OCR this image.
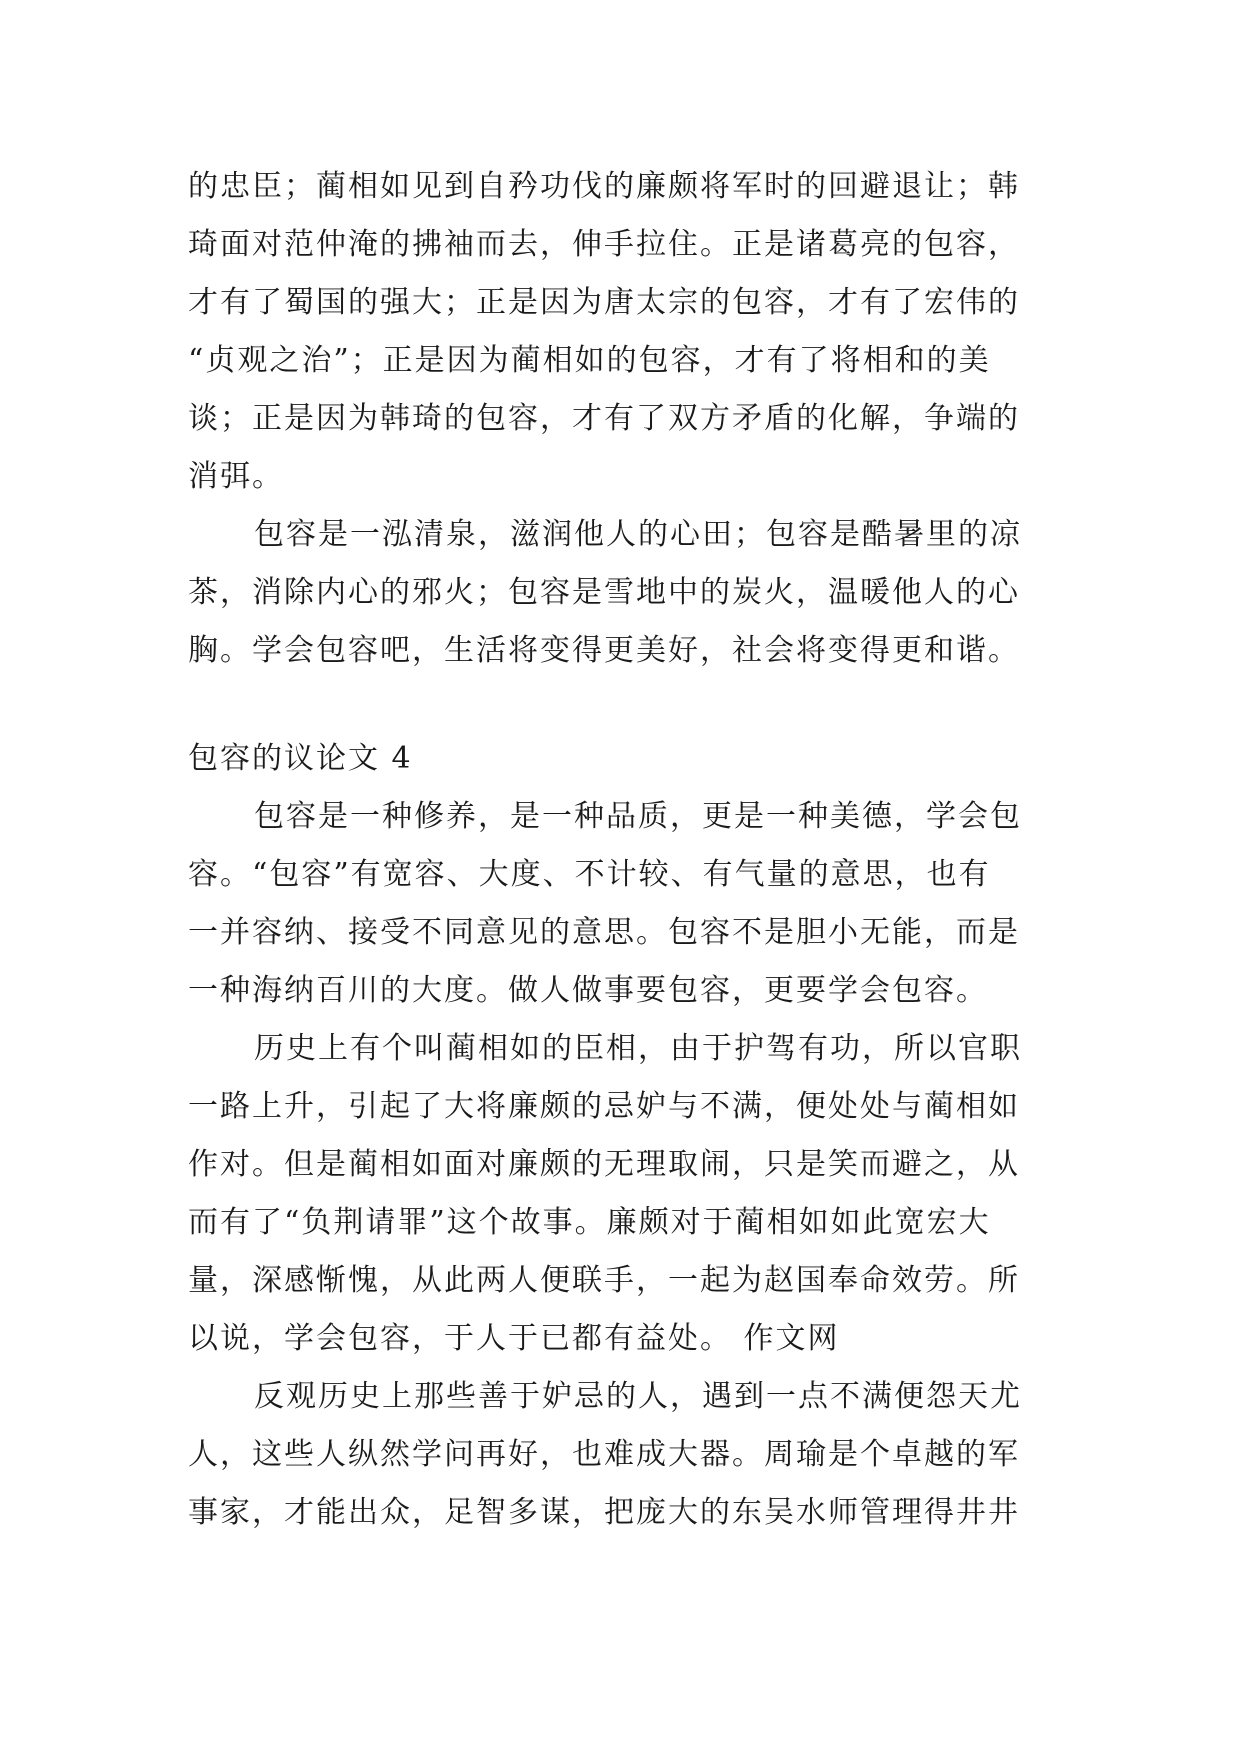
的忠臣；蔺相如见到自矜功伐的廉颇将军时的回避退让；韩
琦面对范仲淹的拂袖而去，伸手拉住。正是诸葛亮的包容，
才有了蜀国的强大；正是因为唐太宗的包容，才有了宏伟的
“贞观之治”；正是因为蔺相如的包容，才有了将相和的美
谈；正是因为韩琦的包容，才有了双方矛盾的化解，争端的
消弭。
包容是一泓清泉，滋润他人的心田；包容是酷暑里的凉
茶，消除内心的邪火；包容是雪地中的炭火，温暖他人的心
胸。学会包容吧，生活将变得更美好，社会将变得更和谐。
包容的议论文 4
包容是一种修养，是一种品质，更是一种美德，学会包
容。“包容”有宽容、大度、不计较、有气量的意思，也有
一并容纳、接受不同意见的意思。包容不是胆小无能，而是
一种海纳百川的大度。做人做事要包容，更要学会包容。
历史上有个叫蔺相如的臣相，由于护驾有功，所以官职
一路上升，引起了大将廉颇的忌妒与不满，便处处与蔺相如
作对。但是蔺相如面对廉颇的无理取闹，只是笑而避之，从
而有了“负荆请罪”这个故事。廉颇对于蔺相如如此宽宏大
量，深感惭愧，从此两人便联手，一起为赵国奉命效劳。所
以说，学会包容，于人于已都有益处。 作文网
反观历史上那些善于妒忌的人，遇到一点不满便怨天尤
人，这些人纵然学问再好，也难成大器。周瑜是个卓越的军
事家，才能出众，足智多谋，把庞大的东吴水师管理得井井
